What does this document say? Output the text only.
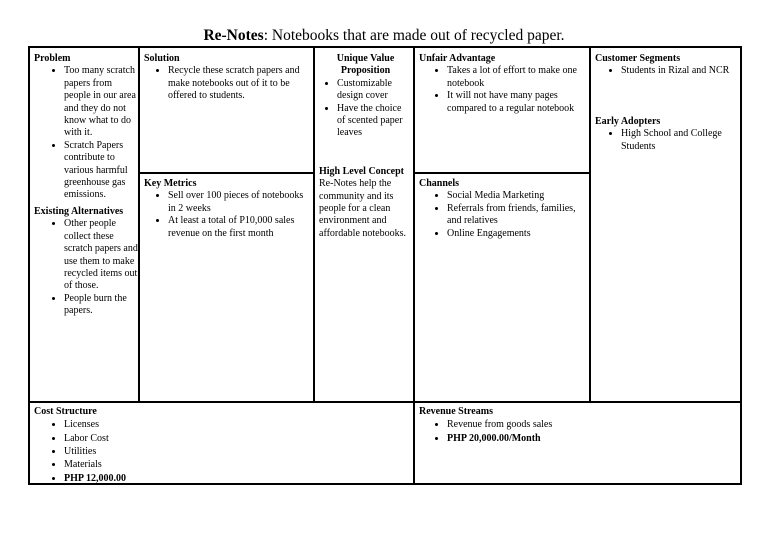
Re-Notes: Notebooks that are made out of recycled paper.
Problem
• Too many scratch papers from people in our area and they do not know what to do with it.
• Scratch Papers contribute to various harmful greenhouse gas emissions.
Existing Alternatives
• Other people collect these scratch papers and use them to make recycled items out of those.
• People burn the papers.
Solution
• Recycle these scratch papers and make notebooks out of it to be offered to students.
Key Metrics
• Sell over 100 pieces of notebooks in 2 weeks
• At least a total of P10,000 sales revenue on the first month
Unique Value Proposition
• Customizable design cover
• Have the choice of scented paper leaves
High Level Concept

Re-Notes help the community and its people for a clean environment and affordable notebooks.

Unfair Advantage
• Takes a lot of effort to make one notebook
• It will not have many pages compared to a regular notebook
Channels
• Social Media Marketing
• Referrals from friends, families, and relatives
• Online Engagements
Customer Segments
• Students in Rizal and NCR
Early Adopters
• High School and College Students
Cost Structure
• Licenses
• Labor Cost
• Utilities
• Materials
• PHP 12,000.00
Revenue Streams
• Revenue from goods sales
• PHP 20,000.00/Month
